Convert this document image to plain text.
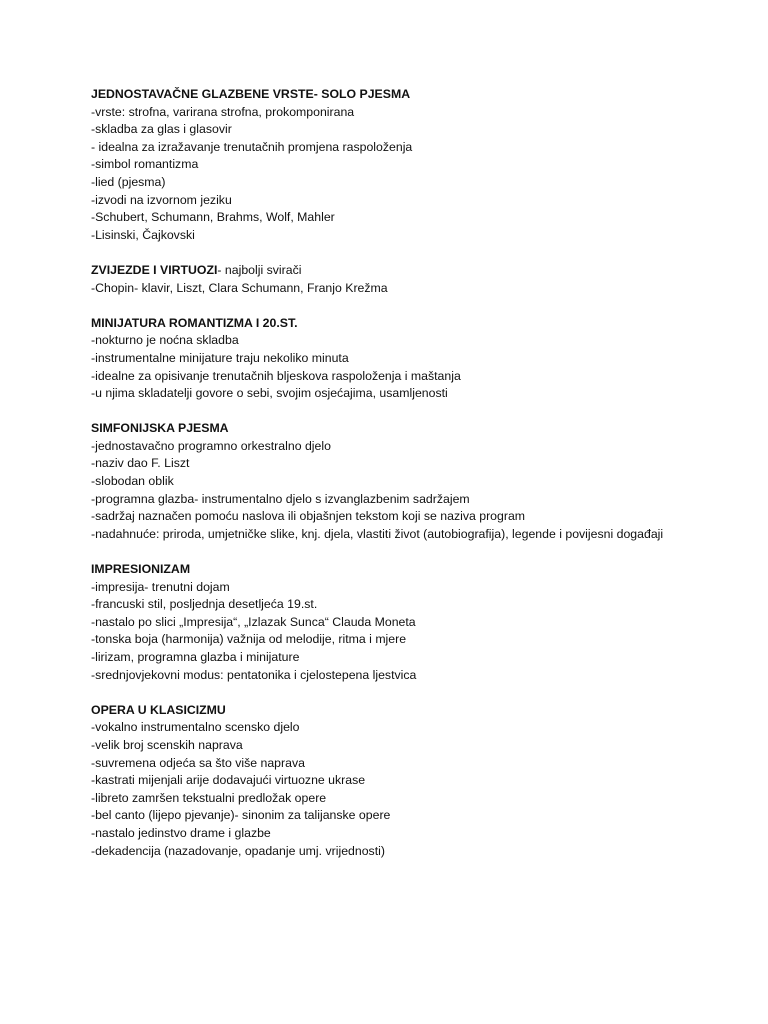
JEDNOSTAVAČNE GLAZBENE VRSTE- SOLO PJESMA
-vrste: strofna, varirana strofna, prokomponirana
-skladba za glas i glasovir
- idealna za izražavanje trenutačnih promjena raspoloženja
-simbol romantizma
-lied (pjesma)
-izvodi na izvornom jeziku
-Schubert, Schumann, Brahms, Wolf, Mahler
-Lisinski, Čajkovski
ZVIJEZDE I VIRTUOZI- najbolji svirači
-Chopin- klavir, Liszt, Clara Schumann, Franjo Krežma
MINIJATURA ROMANTIZMA I 20.ST.
-nokturno je noćna skladba
-instrumentalne minijature traju nekoliko minuta
-idealne za opisivanje trenutačnih bljeskova raspoloženja i maštanja
-u njima skladatelji govore o sebi, svojim osjećajima, usamljenosti
SIMFONIJSKA PJESMA
-jednostavačno programno orkestralno djelo
-naziv dao F. Liszt
-slobodan oblik
-programna glazba- instrumentalno djelo s izvanglazbenim sadržajem
-sadržaj naznačen pomoću naslova ili objašnjen tekstom koji se naziva program
-nadahnuće: priroda, umjetničke slike, knj. djela, vlastiti život (autobiografija), legende i povijesni događaji
IMPRESIONIZAM
-impresija- trenutni dojam
-francuski stil, posljednja desetljeća 19.st.
-nastalo po slici „Impresija“, „Izlazak Sunca“ Clauda Moneta
-tonska boja (harmonija) važnija od melodije, ritma i mjere
-lirizam, programna glazba i minijature
-srednjovjekovni modus: pentatonika i cjelostepena ljestvica
OPERA U KLASICIZMU
-vokalno instrumentalno scensko djelo
-velik broj scenskih naprava
-suvremena odjeća sa što više naprava
-kastrati mijenjali arije dodavajući virtuozne ukrase
-libreto zamršen tekstualni predložak opere
-bel canto (lijepo pjevanje)- sinonim za talijanske opere
-nastalo jedinstvo drame i glazbe
-dekadencija (nazadovanje, opadanje umj. vrijednosti)
